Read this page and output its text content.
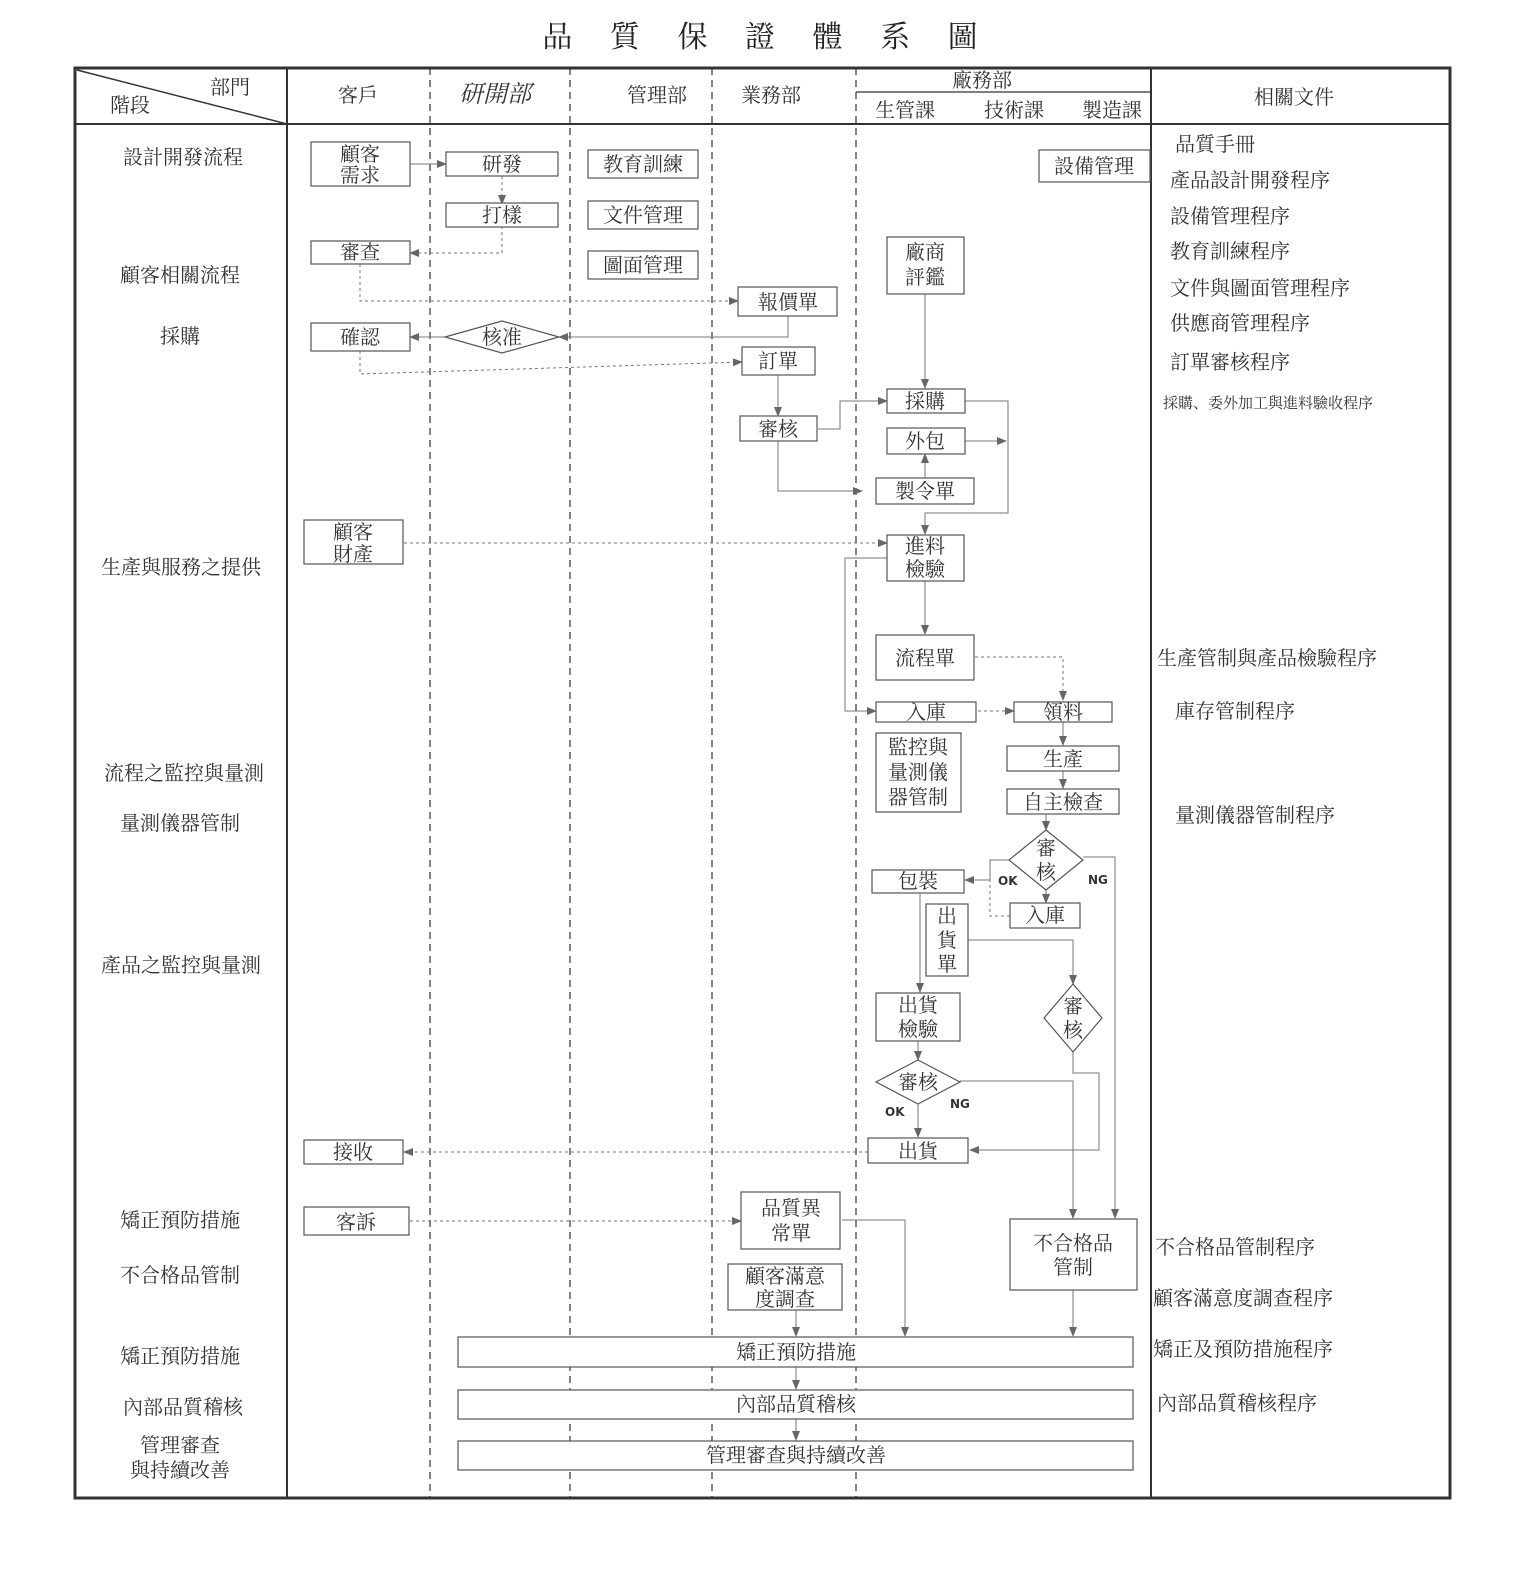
品 質 保 證 體 系 圖
部門
階段	客戶	研開部	管理部	業務部
廠務部
生管課 技術課 製造課
相關文件
設計開發流程
顧客相關流程
採購
生產與服務之提供
流程之監控與量測
量測儀器管制
產品之監控與量測
矯正預防措施
不合格品管制
矯正預防措施
內部品質稽核
管理審查
與持續改善
品質手冊
產品設計開發程序
設備管理程序
教育訓練程序
文件與圖面管理程序
供應商管理程序
訂單審核程序
採購、委外加工與進料驗收程序
生產管制與產品檢驗程序
庫存管制程序
量測儀器管制程序
不合格品管制程序
顧客滿意度調查程序
矯正及預防措施程序
內部品質稽核程序
顧客
需求	研發
打樣
審查
確認	核准
教育訓練
文件管理
圖面管理
設備管理
報價單
訂單
審核
廠商
評鑑
採購
外包
製令單
顧客
財產	進料
檢驗
流程單
入庫	領料
監控與
量測儀
器管制
生產
自主檢查
審
核
包裝
入庫
出
貨
單
審
核
出貨
檢驗
審核
出貨
接收
客訴
品質異
常單
顧客滿意
度調查
不合格品
管制
矯正預防措施
內部品質稽核
管理審查與持續改善
OK	NG
OK
NG
